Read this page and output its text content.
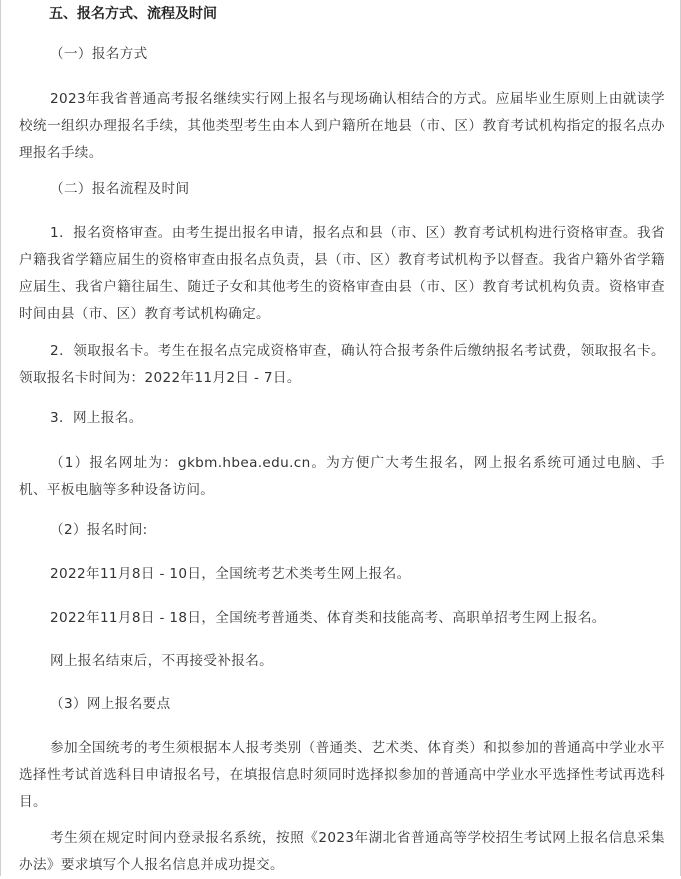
五、报名方式、流程及时间

（一）报名方式

2023年我省普通高考报名继续实行网上报名与现场确认相结合的方式。应届毕业生原则上由就读学校统一组织办理报名手续，其他类型考生由本人到户籍所在地县（市、区）教育考试机构指定的报名点办理报名手续。

（二）报名流程及时间

1．报名资格审查。由考生提出报名申请，报名点和县（市、区）教育考试机构进行资格审查。我省户籍我省学籍应届生的资格审查由报名点负责，县（市、区）教育考试机构予以督查。我省户籍外省学籍应届生、我省户籍往届生、随迁子女和其他考生的资格审查由县（市、区）教育考试机构负责。资格审查时间由县（市、区）教育考试机构确定。

2．领取报名卡。考生在报名点完成资格审查，确认符合报考条件后缴纳报名考试费，领取报名卡。领取报名卡时间为：2022年11月2日 - 7日。

3．网上报名。

（1）报名网址为：gkbm.hbea.edu.cn。为方便广大考生报名，网上报名系统可通过电脑、手机、平板电脑等多种设备访问。

（2）报名时间:

2022年11月8日 - 10日，全国统考艺术类考生网上报名。

2022年11月8日 - 18日，全国统考普通类、体育类和技能高考、高职单招考生网上报名。

网上报名结束后，不再接受补报名。

（3）网上报名要点

参加全国统考的考生须根据本人报考类别（普通类、艺术类、体育类）和拟参加的普通高中学业水平选择性考试首选科目申请报名号，在填报信息时须同时选择拟参加的普通高中学业水平选择性考试再选科目。

考生须在规定时间内登录报名系统，按照《2023年湖北省普通高等学校招生考试网上报名信息采集办法》要求填写个人报名信息并成功提交。
